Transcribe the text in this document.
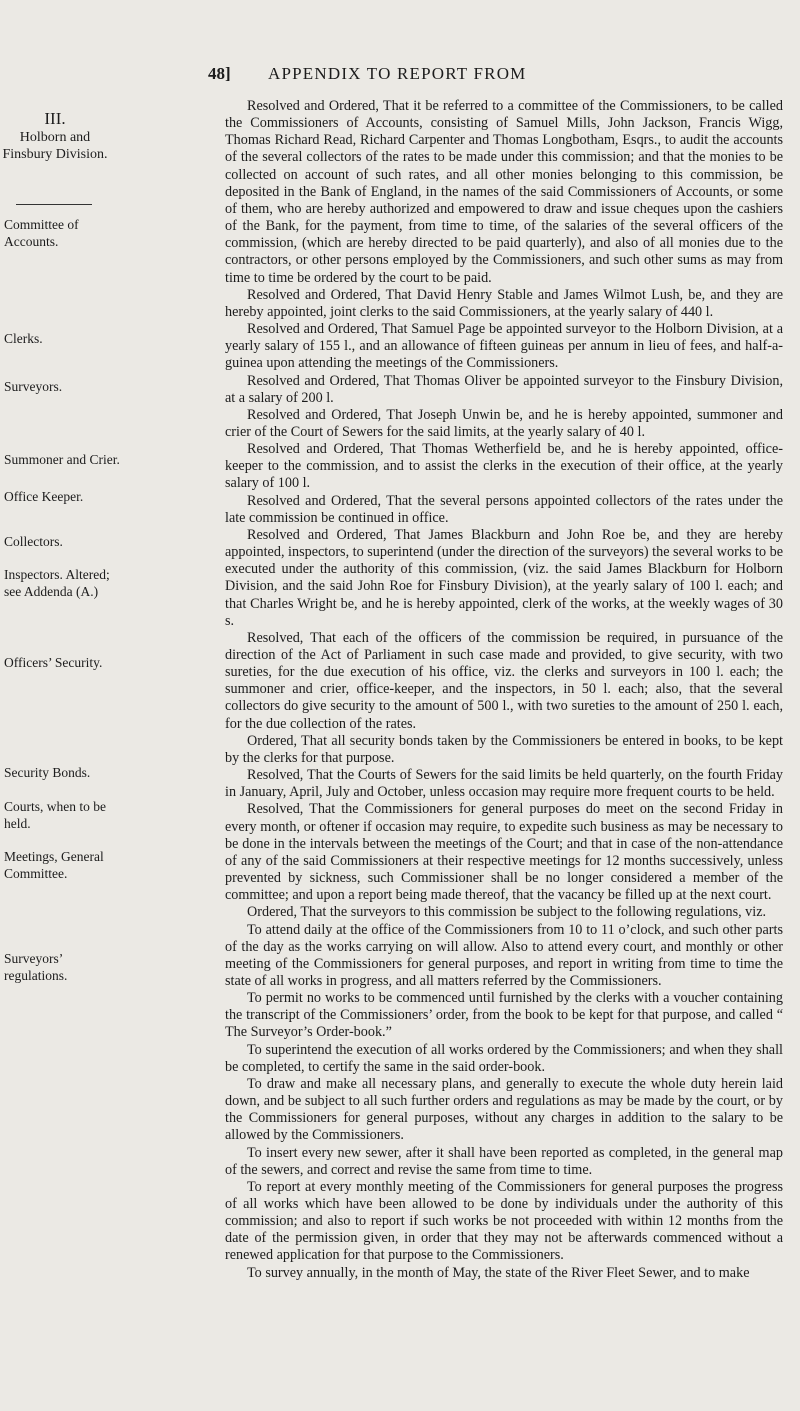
48] APPENDIX TO REPORT FROM
III.
Holborn and Finsbury Division.
Committee of Accounts.
Clerks.
Surveyors.
Summoner and Crier.
Office Keeper.
Collectors.
Inspectors. Altered; see Addenda (A.)
Officers’ Security.
Security Bonds.
Courts, when to be held.
Meetings, General Committee.
Surveyors’ regulations.

Resolved and Ordered, That it be referred to a committee of the Commissioners, to be called the Commissioners of Accounts, consisting of Samuel Mills, John Jackson, Francis Wigg, Thomas Richard Read, Richard Carpenter and Thomas Longbotham, Esqrs., to audit the accounts of the several collectors of the rates to be made under this commission; and that the monies to be collected on account of such rates, and all other monies belonging to this commission, be deposited in the Bank of England, in the names of the said Commissioners of Accounts, or some of them, who are hereby authorized and empowered to draw and issue cheques upon the cashiers of the Bank, for the payment, from time to time, of the salaries of the several officers of the commission, (which are hereby directed to be paid quarterly), and also of all monies due to the contractors, or other persons employed by the Commissioners, and such other sums as may from time to time be ordered by the court to be paid.

Resolved and Ordered, That David Henry Stable and James Wilmot Lush, be, and they are hereby appointed, joint clerks to the said Commissioners, at the yearly salary of 440 l.

Resolved and Ordered, That Samuel Page be appointed surveyor to the Holborn Division, at a yearly salary of 155 l., and an allowance of fifteen guineas per annum in lieu of fees, and half-a-guinea upon attending the meetings of the Commissioners.

Resolved and Ordered, That Thomas Oliver be appointed surveyor to the Finsbury Division, at a salary of 200 l.

Resolved and Ordered, That Joseph Unwin be, and he is hereby appointed, summoner and crier of the Court of Sewers for the said limits, at the yearly salary of 40 l.

Resolved and Ordered, That Thomas Wetherfield be, and he is hereby appointed, office-keeper to the commission, and to assist the clerks in the execution of their office, at the yearly salary of 100 l.

Resolved and Ordered, That the several persons appointed collectors of the rates under the late commission be continued in office.

Resolved and Ordered, That James Blackburn and John Roe be, and they are hereby appointed, inspectors, to superintend (under the direction of the surveyors) the several works to be executed under the authority of this commission, (viz. the said James Blackburn for Holborn Division, and the said John Roe for Finsbury Division), at the yearly salary of 100 l. each; and that Charles Wright be, and he is hereby appointed, clerk of the works, at the weekly wages of 30 s.

Resolved, That each of the officers of the commission be required, in pursuance of the direction of the Act of Parliament in such case made and provided, to give security, with two sureties, for the due execution of his office, viz. the clerks and surveyors in 100 l. each; the summoner and crier, office-keeper, and the inspectors, in 50 l. each; also, that the several collectors do give security to the amount of 500 l., with two sureties to the amount of 250 l. each, for the due collection of the rates.

Ordered, That all security bonds taken by the Commissioners be entered in books, to be kept by the clerks for that purpose.

Resolved, That the Courts of Sewers for the said limits be held quarterly, on the fourth Friday in January, April, July and October, unless occasion may require more frequent courts to be held.

Resolved, That the Commissioners for general purposes do meet on the second Friday in every month, or oftener if occasion may require, to expedite such business as may be necessary to be done in the intervals between the meetings of the Court; and that in case of the non-attendance of any of the said Commissioners at their respective meetings for 12 months successively, unless prevented by sickness, such Commissioner shall be no longer considered a member of the committee; and upon a report being made thereof, that the vacancy be filled up at the next court.

Ordered, That the surveyors to this commission be subject to the following regulations, viz.

To attend daily at the office of the Commissioners from 10 to 11 o’clock, and such other parts of the day as the works carrying on will allow. Also to attend every court, and monthly or other meeting of the Commissioners for general purposes, and report in writing from time to time the state of all works in progress, and all matters referred by the Commissioners.

To permit no works to be commenced until furnished by the clerks with a voucher containing the transcript of the Commissioners’ order, from the book to be kept for that purpose, and called “ The Surveyor’s Order-book.”

To superintend the execution of all works ordered by the Commissioners; and when they shall be completed, to certify the same in the said order-book.

To draw and make all necessary plans, and generally to execute the whole duty herein laid down, and be subject to all such further orders and regulations as may be made by the court, or by the Commissioners for general purposes, without any charges in addition to the salary to be allowed by the Commissioners.

To insert every new sewer, after it shall have been reported as completed, in the general map of the sewers, and correct and revise the same from time to time.

To report at every monthly meeting of the Commissioners for general purposes the progress of all works which have been allowed to be done by individuals under the authority of this commission; and also to report if such works be not proceeded with within 12 months from the date of the permission given, in order that they may not be afterwards commenced without a renewed application for that purpose to the Commissioners.

To survey annually, in the month of May, the state of the River Fleet Sewer, and to make
